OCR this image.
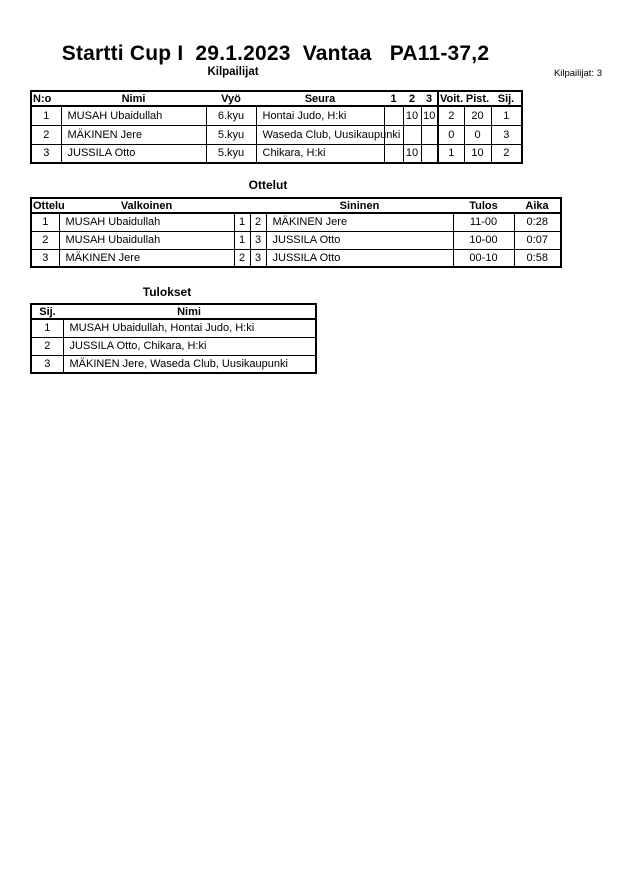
Startti Cup I  29.1.2023  Vantaa   PA11-37,2
Kilpailijat	Kilpailijat: 3
N:o	Nimi	Vyö	Seura	1	2	3	Voit.	Pist.	Sij.
1	MUSAH Ubaidullah	6.kyu	Hontai Judo, H:ki		10	10	2	20	1
2	MÄKINEN Jere	5.kyu	Waseda Club, Uusikaupunki				0	0	3
3	JUSSILA Otto	5.kyu	Chikara, H:ki		10		1	10	2
Ottelut
Ottelu	Valkoinen			Sininen	Tulos	Aika
1	MUSAH Ubaidullah	1	2	MÄKINEN Jere	11-00	0:28
2	MUSAH Ubaidullah	1	3	JUSSILA Otto	10-00	0:07
3	MÄKINEN Jere	2	3	JUSSILA Otto	00-10	0:58
Tulokset
Sij.	Nimi
1	MUSAH Ubaidullah, Hontai Judo, H:ki
2	JUSSILA Otto, Chikara, H:ki
3	MÄKINEN Jere, Waseda Club, Uusikaupunki
